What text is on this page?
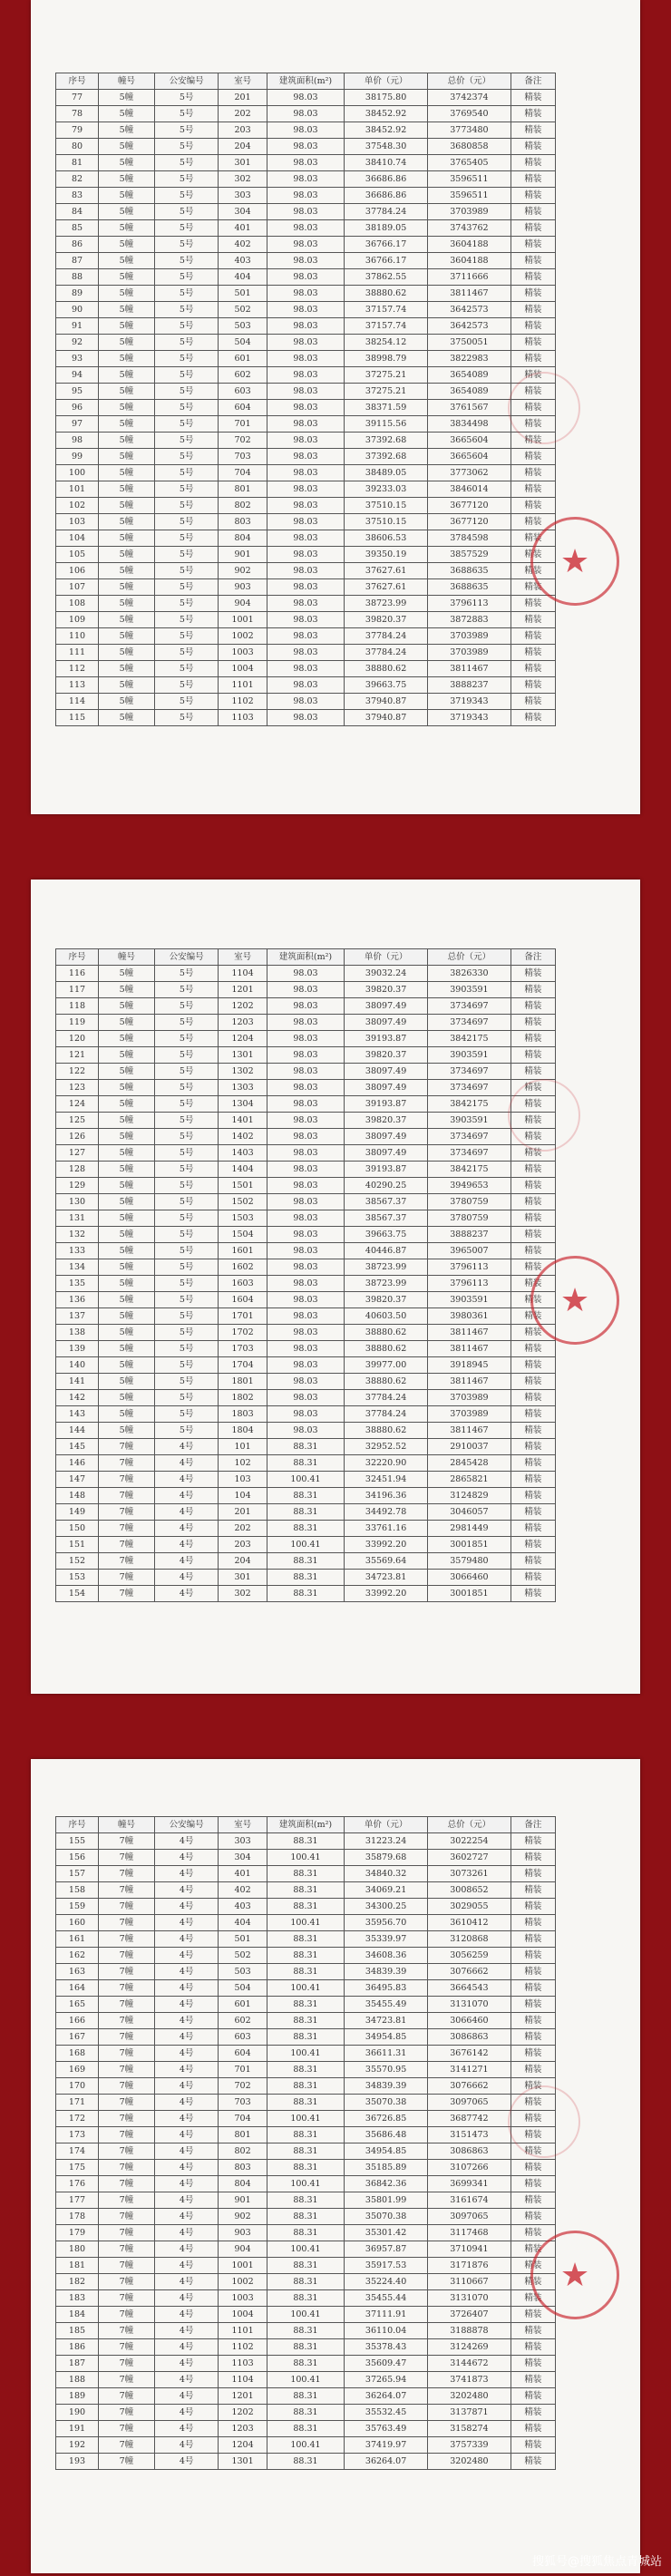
序号	幢号	公安编号	室号	建筑面积(m²)	单价（元）	总价（元）	备注
77	5幢	5号	201	98.03	38175.80	3742374	精装
78	5幢	5号	202	98.03	38452.92	3769540	精装
79	5幢	5号	203	98.03	38452.92	3773480	精装
80	5幢	5号	204	98.03	37548.30	3680858	精装
81	5幢	5号	301	98.03	38410.74	3765405	精装
82	5幢	5号	302	98.03	36686.86	3596511	精装
83	5幢	5号	303	98.03	36686.86	3596511	精装
84	5幢	5号	304	98.03	37784.24	3703989	精装
85	5幢	5号	401	98.03	38189.05	3743762	精装
86	5幢	5号	402	98.03	36766.17	3604188	精装
87	5幢	5号	403	98.03	36766.17	3604188	精装
88	5幢	5号	404	98.03	37862.55	3711666	精装
89	5幢	5号	501	98.03	38880.62	3811467	精装
90	5幢	5号	502	98.03	37157.74	3642573	精装
91	5幢	5号	503	98.03	37157.74	3642573	精装
92	5幢	5号	504	98.03	38254.12	3750051	精装
93	5幢	5号	601	98.03	38998.79	3822983	精装
94	5幢	5号	602	98.03	37275.21	3654089	精装
95	5幢	5号	603	98.03	37275.21	3654089	精装
96	5幢	5号	604	98.03	38371.59	3761567	精装
97	5幢	5号	701	98.03	39115.56	3834498	精装
98	5幢	5号	702	98.03	37392.68	3665604	精装
99	5幢	5号	703	98.03	37392.68	3665604	精装
100	5幢	5号	704	98.03	38489.05	3773062	精装
101	5幢	5号	801	98.03	39233.03	3846014	精装
102	5幢	5号	802	98.03	37510.15	3677120	精装
103	5幢	5号	803	98.03	37510.15	3677120	精装
104	5幢	5号	804	98.03	38606.53	3784598	精装
105	5幢	5号	901	98.03	39350.19	3857529	精装
106	5幢	5号	902	98.03	37627.61	3688635	精装
107	5幢	5号	903	98.03	37627.61	3688635	精装
108	5幢	5号	904	98.03	38723.99	3796113	精装
109	5幢	5号	1001	98.03	39820.37	3872883	精装
110	5幢	5号	1002	98.03	37784.24	3703989	精装
111	5幢	5号	1003	98.03	37784.24	3703989	精装
112	5幢	5号	1004	98.03	38880.62	3811467	精装
113	5幢	5号	1101	98.03	39663.75	3888237	精装
114	5幢	5号	1102	98.03	37940.87	3719343	精装
115	5幢	5号	1103	98.03	37940.87	3719343	精装
序号	幢号	公安编号	室号	建筑面积(m²)	单价（元）	总价（元）	备注
116	5幢	5号	1104	98.03	39032.24	3826330	精装
117	5幢	5号	1201	98.03	39820.37	3903591	精装
118	5幢	5号	1202	98.03	38097.49	3734697	精装
119	5幢	5号	1203	98.03	38097.49	3734697	精装
120	5幢	5号	1204	98.03	39193.87	3842175	精装
121	5幢	5号	1301	98.03	39820.37	3903591	精装
122	5幢	5号	1302	98.03	38097.49	3734697	精装
123	5幢	5号	1303	98.03	38097.49	3734697	精装
124	5幢	5号	1304	98.03	39193.87	3842175	精装
125	5幢	5号	1401	98.03	39820.37	3903591	精装
126	5幢	5号	1402	98.03	38097.49	3734697	精装
127	5幢	5号	1403	98.03	38097.49	3734697	精装
128	5幢	5号	1404	98.03	39193.87	3842175	精装
129	5幢	5号	1501	98.03	40290.25	3949653	精装
130	5幢	5号	1502	98.03	38567.37	3780759	精装
131	5幢	5号	1503	98.03	38567.37	3780759	精装
132	5幢	5号	1504	98.03	39663.75	3888237	精装
133	5幢	5号	1601	98.03	40446.87	3965007	精装
134	5幢	5号	1602	98.03	38723.99	3796113	精装
135	5幢	5号	1603	98.03	38723.99	3796113	精装
136	5幢	5号	1604	98.03	39820.37	3903591	精装
137	5幢	5号	1701	98.03	40603.50	3980361	精装
138	5幢	5号	1702	98.03	38880.62	3811467	精装
139	5幢	5号	1703	98.03	38880.62	3811467	精装
140	5幢	5号	1704	98.03	39977.00	3918945	精装
141	5幢	5号	1801	98.03	38880.62	3811467	精装
142	5幢	5号	1802	98.03	37784.24	3703989	精装
143	5幢	5号	1803	98.03	37784.24	3703989	精装
144	5幢	5号	1804	98.03	38880.62	3811467	精装
145	7幢	4号	101	88.31	32952.52	2910037	精装
146	7幢	4号	102	88.31	32220.90	2845428	精装
147	7幢	4号	103	100.41	32451.94	2865821	精装
148	7幢	4号	104	88.31	34196.36	3124829	精装
149	7幢	4号	201	88.31	34492.78	3046057	精装
150	7幢	4号	202	88.31	33761.16	2981449	精装
151	7幢	4号	203	100.41	33992.20	3001851	精装
152	7幢	4号	204	88.31	35569.64	3579480	精装
153	7幢	4号	301	88.31	34723.81	3066460	精装
154	7幢	4号	302	88.31	33992.20	3001851	精装
序号	幢号	公安编号	室号	建筑面积(m²)	单价（元）	总价（元）	备注
155	7幢	4号	303	88.31	31223.24	3022254	精装
156	7幢	4号	304	100.41	35879.68	3602727	精装
157	7幢	4号	401	88.31	34840.32	3073261	精装
158	7幢	4号	402	88.31	34069.21	3008652	精装
159	7幢	4号	403	88.31	34300.25	3029055	精装
160	7幢	4号	404	100.41	35956.70	3610412	精装
161	7幢	4号	501	88.31	35339.97	3120868	精装
162	7幢	4号	502	88.31	34608.36	3056259	精装
163	7幢	4号	503	88.31	34839.39	3076662	精装
164	7幢	4号	504	100.41	36495.83	3664543	精装
165	7幢	4号	601	88.31	35455.49	3131070	精装
166	7幢	4号	602	88.31	34723.81	3066460	精装
167	7幢	4号	603	88.31	34954.85	3086863	精装
168	7幢	4号	604	100.41	36611.31	3676142	精装
169	7幢	4号	701	88.31	35570.95	3141271	精装
170	7幢	4号	702	88.31	34839.39	3076662	精装
171	7幢	4号	703	88.31	35070.38	3097065	精装
172	7幢	4号	704	100.41	36726.85	3687742	精装
173	7幢	4号	801	88.31	35686.48	3151473	精装
174	7幢	4号	802	88.31	34954.85	3086863	精装
175	7幢	4号	803	88.31	35185.89	3107266	精装
176	7幢	4号	804	100.41	36842.36	3699341	精装
177	7幢	4号	901	88.31	35801.99	3161674	精装
178	7幢	4号	902	88.31	35070.38	3097065	精装
179	7幢	4号	903	88.31	35301.42	3117468	精装
180	7幢	4号	904	100.41	36957.87	3710941	精装
181	7幢	4号	1001	88.31	35917.53	3171876	精装
182	7幢	4号	1002	88.31	35224.40	3110667	精装
183	7幢	4号	1003	88.31	35455.44	3131070	精装
184	7幢	4号	1004	100.41	37111.91	3726407	精装
185	7幢	4号	1101	88.31	36110.04	3188878	精装
186	7幢	4号	1102	88.31	35378.43	3124269	精装
187	7幢	4号	1103	88.31	35609.47	3144672	精装
188	7幢	4号	1104	100.41	37265.94	3741873	精装
189	7幢	4号	1201	88.31	36264.07	3202480	精装
190	7幢	4号	1202	88.31	35532.45	3137871	精装
191	7幢	4号	1203	88.31	35763.49	3158274	精装
192	7幢	4号	1204	100.41	37419.97	3757339	精装
193	7幢	4号	1301	88.31	36264.07	3202480	精装
★
★
★
搜狐号@搜狐焦点青城站
